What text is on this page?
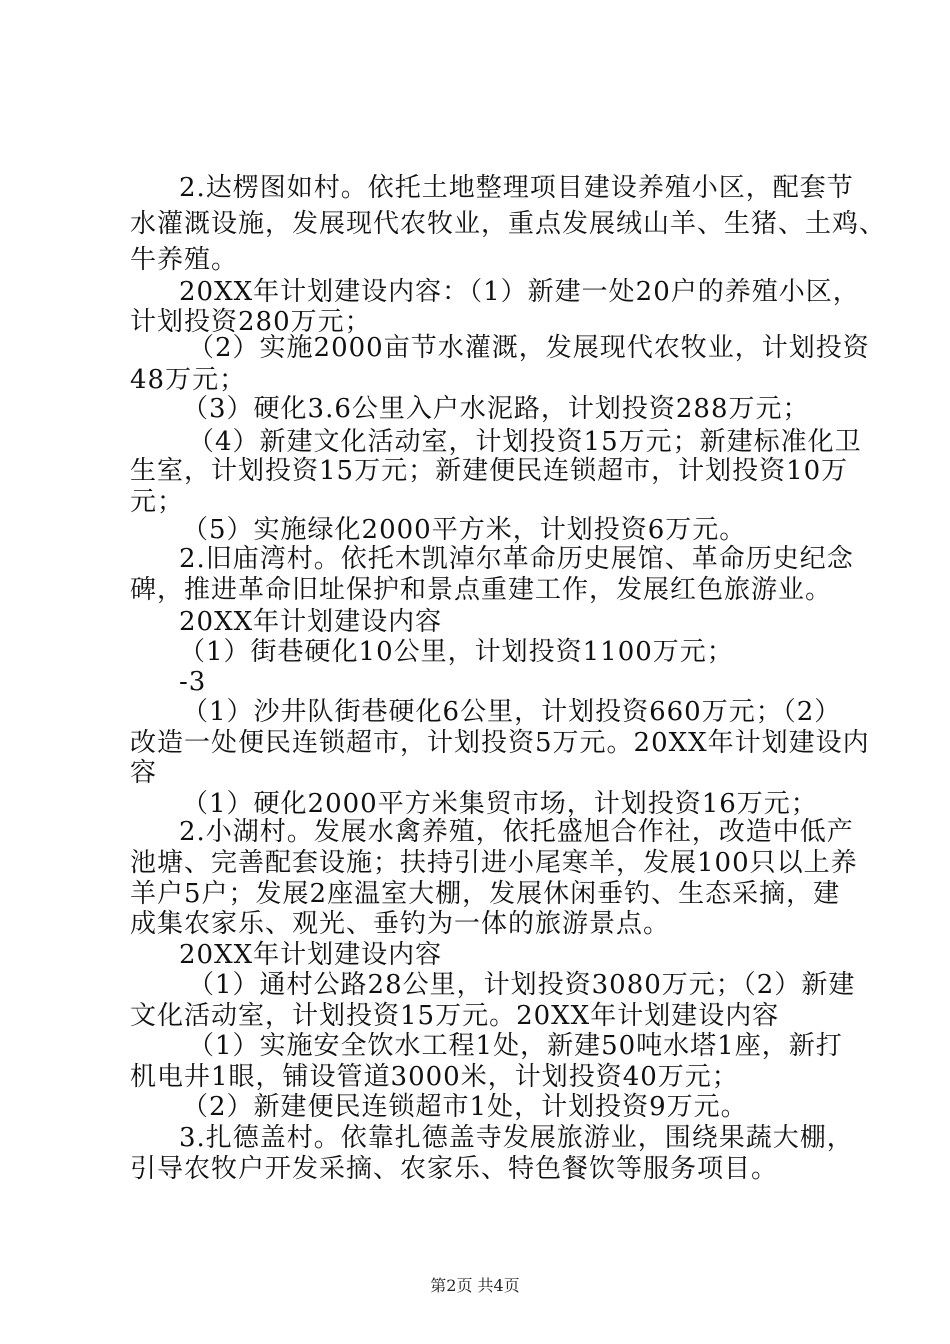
2.达楞图如村。依托土地整理项目建设养殖小区，配套节
水灌溉设施，发展现代农牧业，重点发展绒山羊、生猪、土鸡、
牛养殖。
20XX年计划建设内容：（1）新建一处20户的养殖小区，
计划投资280万元；
（2）实施2000亩节水灌溉，发展现代农牧业，计划投资
48万元；
（3）硬化3.6公里入户水泥路，计划投资288万元；
（4）新建文化活动室，计划投资15万元；新建标准化卫
生室，计划投资15万元；新建便民连锁超市，计划投资10万
元；
（5）实施绿化2000平方米，计划投资6万元。
2.旧庙湾村。依托木凯淖尔革命历史展馆、革命历史纪念
碑，推进革命旧址保护和景点重建工作，发展红色旅游业。
20XX年计划建设内容
（1）街巷硬化10公里，计划投资1100万元；
-3
（1）沙井队街巷硬化6公里，计划投资660万元；（2）
改造一处便民连锁超市，计划投资5万元。20XX年计划建设内
容
（1）硬化2000平方米集贸市场，计划投资16万元；
2.小湖村。发展水禽养殖，依托盛旭合作社，改造中低产
池塘、完善配套设施；扶持引进小尾寒羊，发展100只以上养
羊户5户；发展2座温室大棚，发展休闲垂钓、生态采摘，建
成集农家乐、观光、垂钓为一体的旅游景点。
20XX年计划建设内容
（1）通村公路28公里，计划投资3080万元；（2）新建
文化活动室，计划投资15万元。20XX年计划建设内容
（1）实施安全饮水工程1处，新建50吨水塔1座，新打
机电井1眼，铺设管道3000米，计划投资40万元；
（2）新建便民连锁超市1处，计划投资9万元。
3.扎德盖村。依靠扎德盖寺发展旅游业，围绕果蔬大棚，
引导农牧户开发采摘、农家乐、特色餐饮等服务项目。
第2页 共4页
